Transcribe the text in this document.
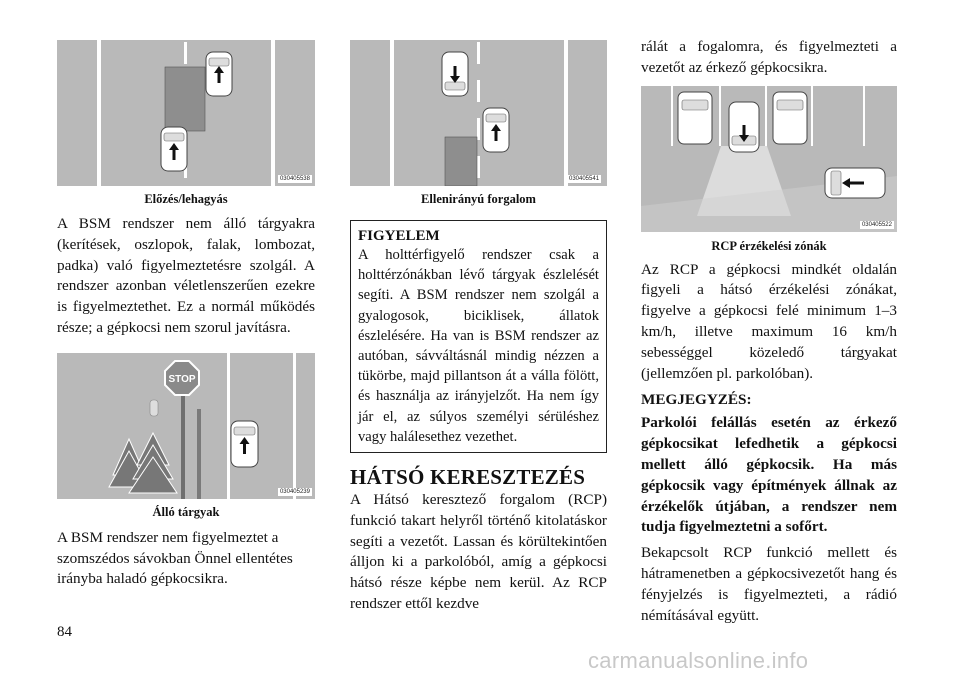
030405538
Előzés/lehagyás

A BSM rendszer nem álló tárgyakra (kerítések, oszlopok, falak, lombozat, padka) való figyelmeztetésre szolgál. A rendszer azonban véletlenszerűen ezekre is figyelmeztethet. Ez a normál működés része; a gépkocsi nem szorul javításra.

STOP
030405239
Álló tárgyak

A BSM rendszer nem figyelmeztet a szomszédos sávokban Önnel ellentétes irányba haladó gépkocsikra.

030405541
Ellenirányú forgalom
FIGYELEM
A holttérfigyelő rendszer csak a holttérzónákban lévő tárgyak észlelését segíti. A BSM rendszer nem szolgál a gyalogosok, biciklisek, állatok észlelésére. Ha van is BSM rendszer az autóban, sávváltásnál mindig nézzen a tükörbe, majd pillantson át a válla fölött, és használja az irányjelzőt. Ha nem így jár el, az súlyos személyi sérüléshez vagy halálesethez vezethet.
HÁTSÓ KERESZTEZÉS

A Hátsó keresztező forgalom (RCP) funkció takart helyről történő kitolatáskor segíti a vezetőt. Lassan és körültekintően álljon ki a parkolóból, amíg a gépkocsi hátsó része képbe nem kerül. Az RCP rendszer ettől kezdve

rálát a fogalomra, és figyelmezteti a vezetőt az érkező gépkocsikra.

030405522
RCP érzékelési zónák

Az RCP a gépkocsi mindkét oldalán figyeli a hátsó érzékelési zónákat, figyelve a gépkocsi felé minimum 1–3 km/h, illetve maximum 16 km/h sebességgel közeledő tárgyakat (jellemzően pl. parkolóban).

MEGJEGYZÉS:

Parkolói felállás esetén az érkező gépkocsikat lefedhetik a gépkocsi mellett álló gépkocsik. Ha más gépkocsik vagy építmények állnak az érzékelők útjában, a rendszer nem tudja figyelmeztetni a sofőrt.

Bekapcsolt RCP funkció mellett és hátramenetben a gépkocsivezetőt hang és fényjelzés is figyelmezteti, a rádió némításával együtt.

84
carmanualsonline.info
